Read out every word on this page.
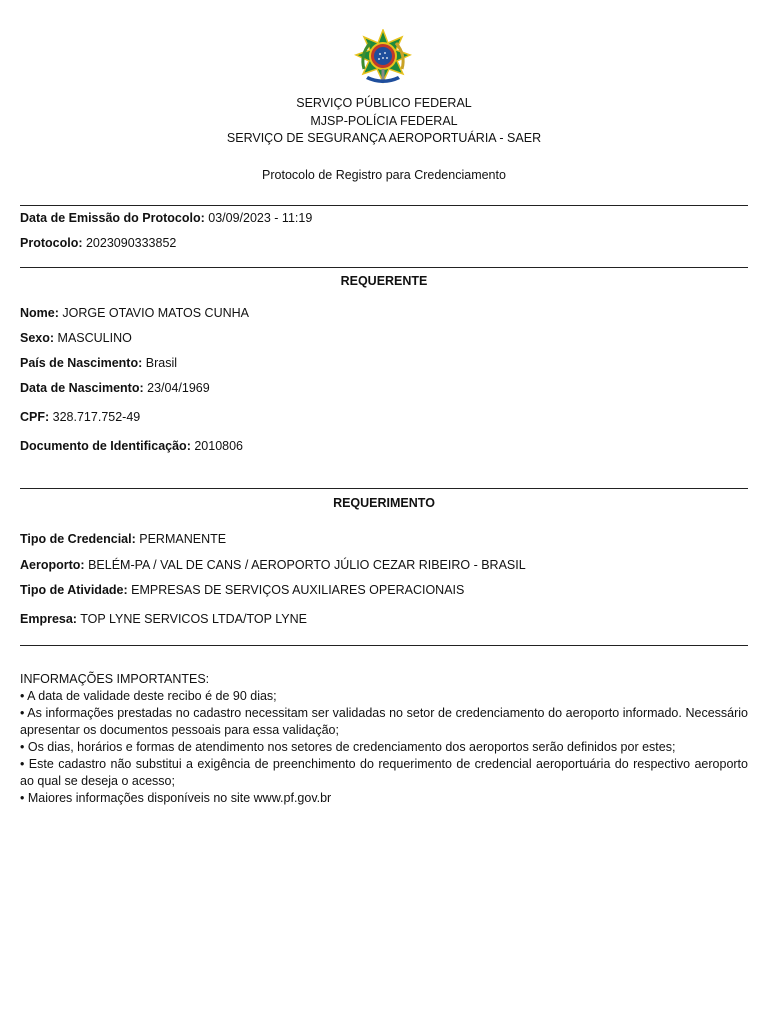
SERVIÇO PÚBLICO FEDERAL
MJSP-POLÍCIA FEDERAL
SERVIÇO DE SEGURANÇA AEROPORTUÁRIA - SAER
Protocolo de Registro para Credenciamento
Data de Emissão do Protocolo: 03/09/2023 - 11:19
Protocolo: 2023090333852
REQUERENTE
Nome: JORGE OTAVIO MATOS CUNHA
Sexo: MASCULINO
País de Nascimento: Brasil
Data de Nascimento: 23/04/1969
CPF: 328.717.752-49
Documento de Identificação: 2010806
REQUERIMENTO
Tipo de Credencial: PERMANENTE
Aeroporto: BELÉM-PA / VAL DE CANS / AEROPORTO JÚLIO CEZAR RIBEIRO - BRASIL
Tipo de Atividade: EMPRESAS DE SERVIÇOS AUXILIARES OPERACIONAIS
Empresa: TOP LYNE SERVICOS LTDA/TOP LYNE

INFORMAÇÕES IMPORTANTES:

• A data de validade deste recibo é de 90 dias;

• As informações prestadas no cadastro necessitam ser validadas no setor de credenciamento do aeroporto informado. Necessário apresentar os documentos pessoais para essa validação;

• Os dias, horários e formas de atendimento nos setores de credenciamento dos aeroportos serão definidos por estes;

• Este cadastro não substitui a exigência de preenchimento do requerimento de credencial aeroportuária do respectivo aeroporto ao qual se deseja o acesso;

• Maiores informações disponíveis no site www.pf.gov.br
